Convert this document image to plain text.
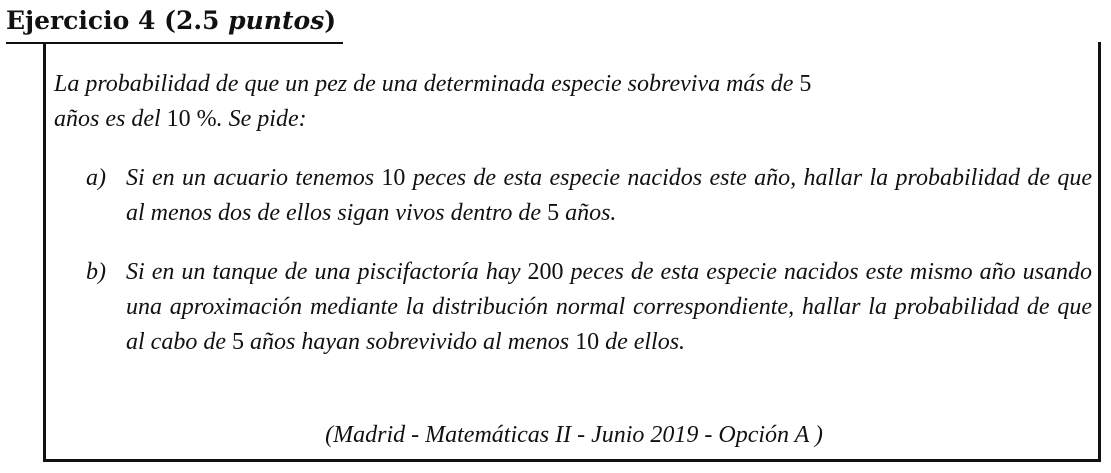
Ejercicio 4 (2.5 puntos)
La probabilidad de que un pez de una determinada especie sobreviva más de 5
años es del 10 %. Se pide:
a) Si en un acuario tenemos 10 peces de esta especie nacidos este año, hallar la probabilidad de que al menos dos de ellos sigan vivos dentro de 5 años.
b) Si en un tanque de una piscifactoría hay 200 peces de esta especie nacidos este mismo año usando una aproximación mediante la distribución normal correspondiente, hallar la probabilidad de que al cabo de 5 años hayan sobrevivido al menos 10 de ellos.
(Madrid - Matemáticas II - Junio 2019 - Opción A )
